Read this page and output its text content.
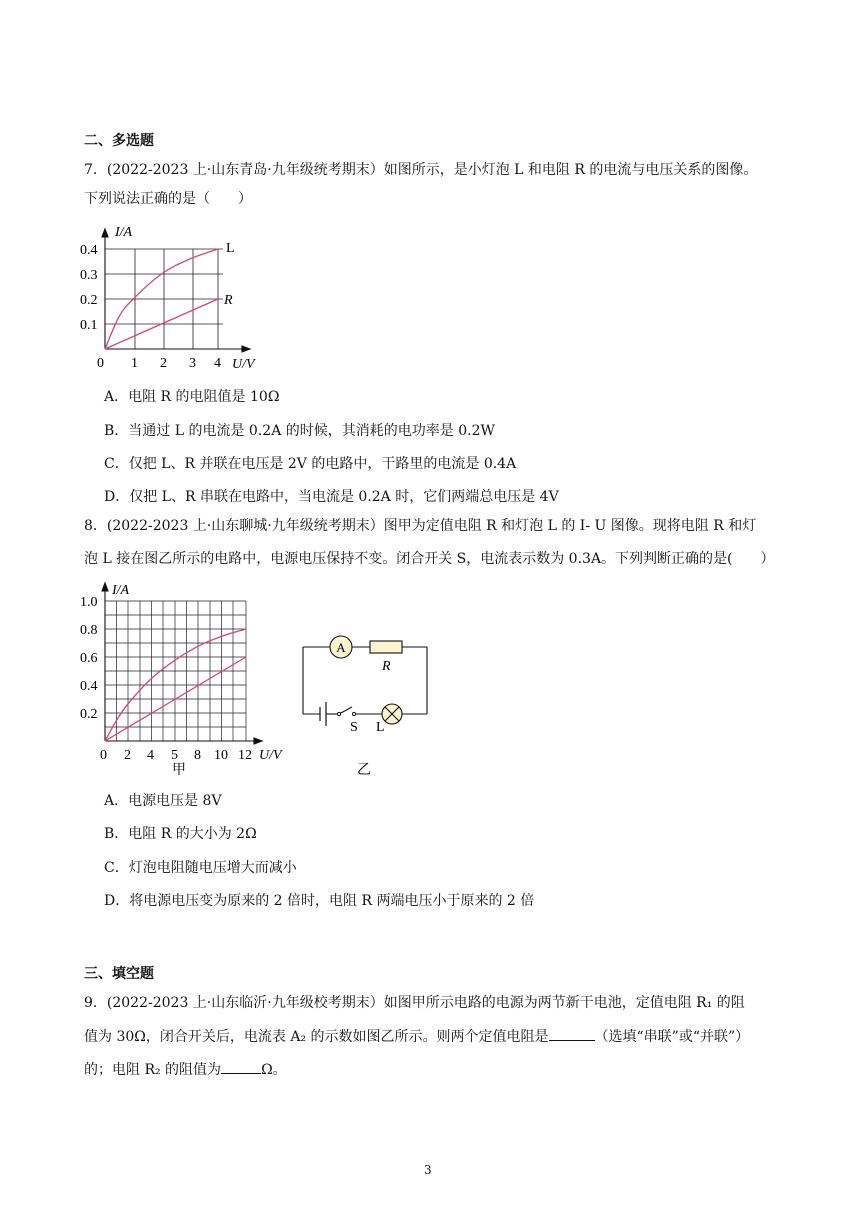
二、多选题
7．(2022-2023 上·山东青岛·九年级统考期末）如图所示，是小灯泡 L 和电阻 R 的电流与电压关系的图像。
下列说法正确的是（　　）
I/A
U/V
0 1 2 3 4
0.1
0.2
0.3
0.4	L
R
A．电阻 R 的电阻值是 10Ω
B．当通过 L 的电流是 0.2A 的时候，其消耗的电功率是 0.2W
C．仅把 L、R 并联在电压是 2V 的电路中，干路里的电流是 0.4A
D．仅把 L、R 串联在电路中，当电流是 0.2A 时，它们两端总电压是 4V
8．(2022-2023 上·山东聊城·九年级统考期末）图甲为定值电阻 R 和灯泡 L 的 I- U 图像。现将电阻 R 和灯
泡 L 接在图乙所示的电路中，电源电压保持不变。闭合开关 S，电流表示数为 0.3A。下列判断正确的是(　　）
I/A
U/V
0 2 4 5 8 10 12
0.2
0.4
0.6
0.8
1.0
甲
A
R
S L
乙
A．电源电压是 8V
B．电阻 R 的大小为 2Ω
C．灯泡电阻随电压增大而减小
D．将电源电压变为原来的 2 倍时，电阻 R 两端电压小于原来的 2 倍
三、填空题
9．(2022-2023 上·山东临沂·九年级校考期末）如图甲所示电路的电源为两节新干电池，定值电阻 R₁ 的阻
值为 30Ω，闭合开关后，电流表 A₂ 的示数如图乙所示。则两个定值电阻是	（选填“串联”或“并联”）
的；电阻 R₂ 的阻值为	Ω。
3
